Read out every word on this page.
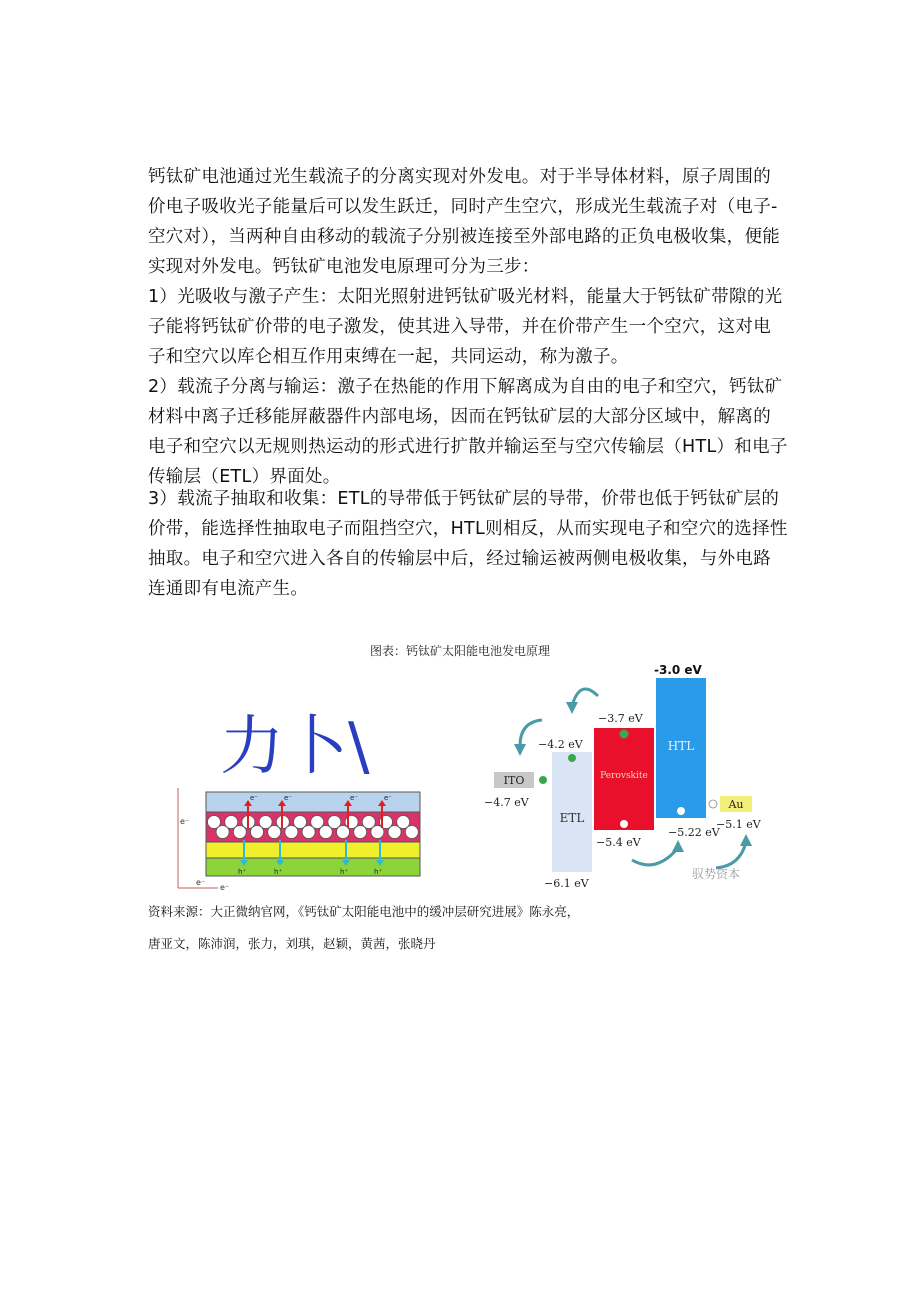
钙钛矿电池通过光生载流子的分离实现对外发电。对于半导体材料，原子周围的价电子吸收光子能量后可以发生跃迁，同时产生空穴，形成光生载流子对（电子-空穴对），当两种自由移动的载流子分别被连接至外部电路的正负电极收集，便能实现对外发电。钙钛矿电池发电原理可分为三步：

1）光吸收与激子产生：太阳光照射进钙钛矿吸光材料，能量大于钙钛矿带隙的光子能将钙钛矿价带的电子激发，使其进入导带，并在价带产生一个空穴，这对电子和空穴以库仑相互作用束缚在一起，共同运动，称为激子。

2）载流子分离与输运：激子在热能的作用下解离成为自由的电子和空穴，钙钛矿材料中离子迁移能屏蔽器件内部电场，因而在钙钛矿层的大部分区域中，解离的电子和空穴以无规则热运动的形式进行扩散并输运至与空穴传输层（HTL）和电子传输层（ETL）界面处。

3）载流子抽取和收集：ETL的导带低于钙钛矿层的导带，价带也低于钙钛矿层的价带，能选择性抽取电子而阻挡空穴，HTL则相反，从而实现电子和空穴的选择性抽取。电子和空穴进入各自的传输层中后，经过输运被两侧电极收集，与外电路连通即有电流产生。

图表：钙钛矿太阳能电池发电原理
力卜\
e⁻
e⁻
e⁻
e⁻	e⁻	e⁻	e⁻
h⁺	h⁺	h⁺	h⁺
ITO
−4.7 eV
ETL
−4.2 eV
−6.1 eV
Perovskite
−3.7 eV
−5.4 eV
HTL
-3.0 eV
−5.22 eV
Au
−5.1 eV
驭势资本
资料来源：大正微纳官网，《钙钛矿太阳能电池中的缓冲层研究进展》陈永亮，
唐亚文，陈沛润，张力，刘琪，赵颖，黄茜，张晓丹
